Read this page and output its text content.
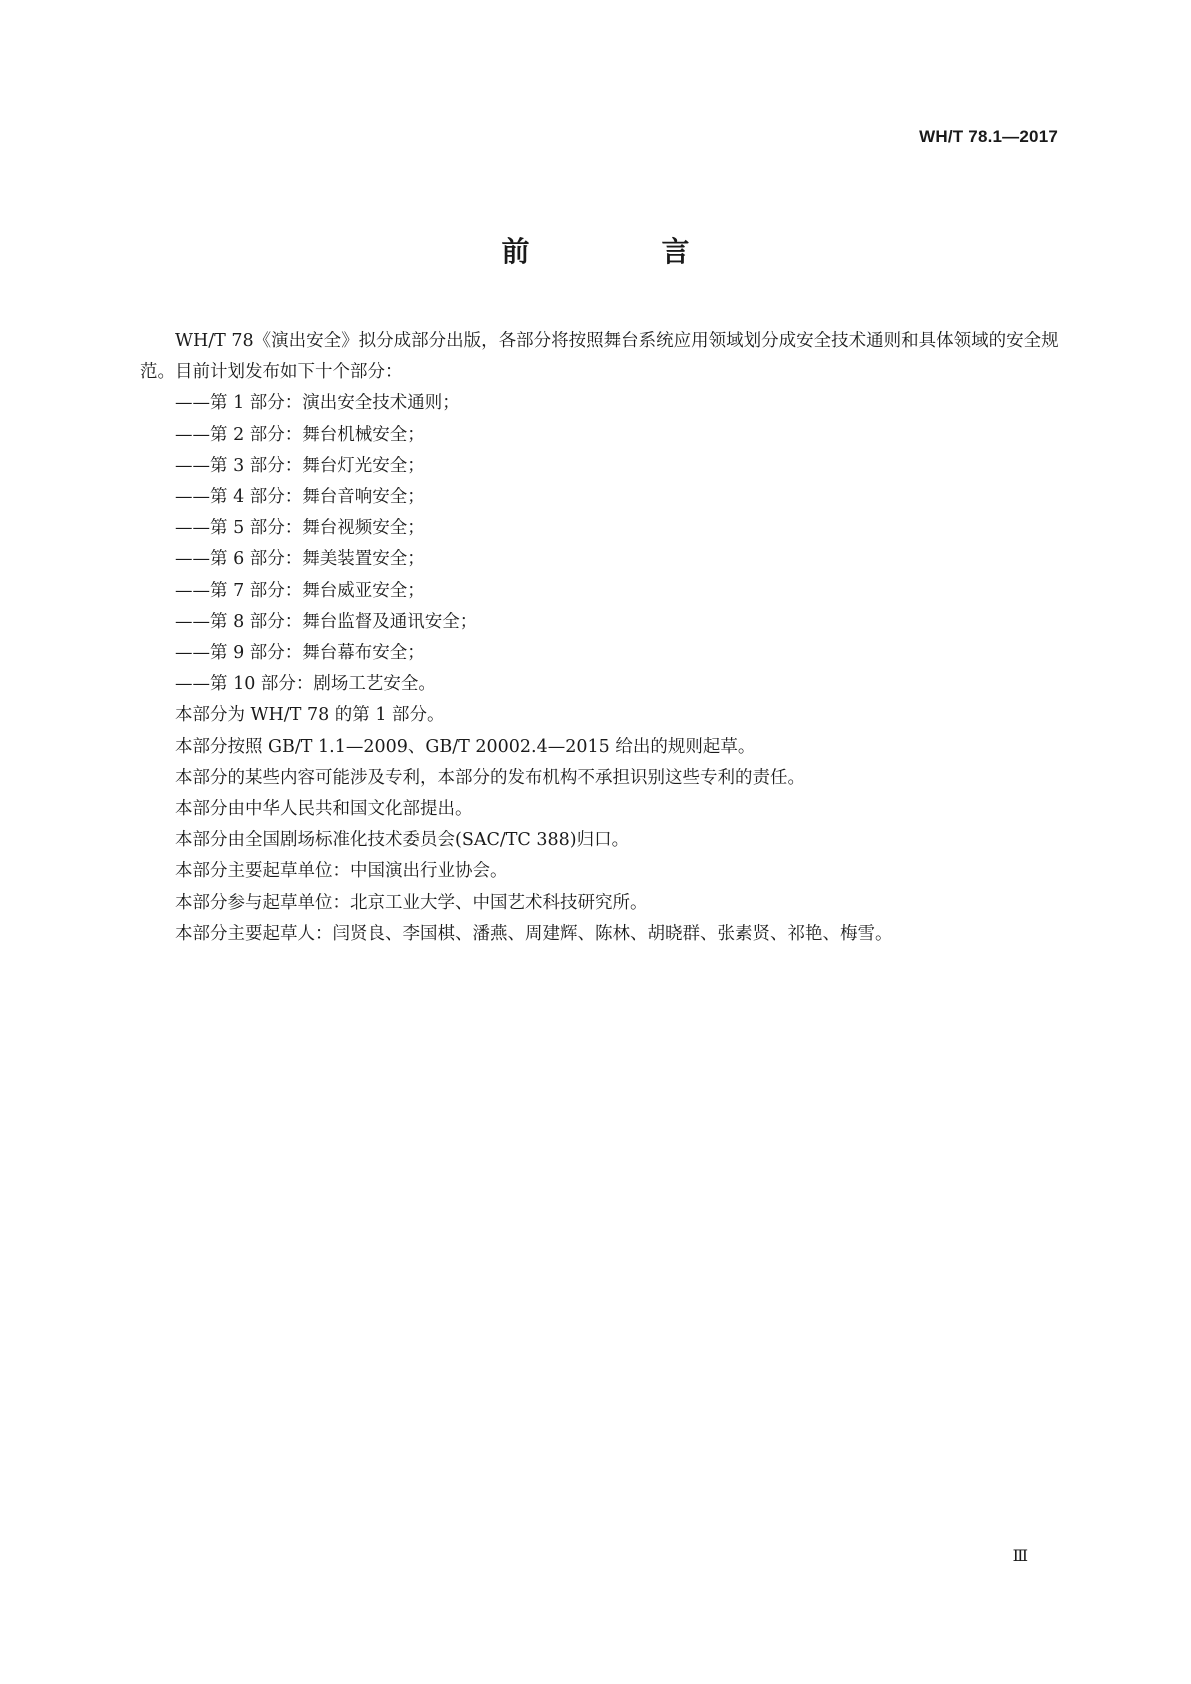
WH/T 78.1—2017
前　言

WH/T 78《演出安全》拟分成部分出版，各部分将按照舞台系统应用领域划分成安全技术通则和具体领域的安全规范。目前计划发布如下十个部分：

——第 1 部分：演出安全技术通则；

——第 2 部分：舞台机械安全；

——第 3 部分：舞台灯光安全；

——第 4 部分：舞台音响安全；

——第 5 部分：舞台视频安全；

——第 6 部分：舞美装置安全；

——第 7 部分：舞台威亚安全；

——第 8 部分：舞台监督及通讯安全；

——第 9 部分：舞台幕布安全；

——第 10 部分：剧场工艺安全。

本部分为 WH/T 78 的第 1 部分。

本部分按照 GB/T 1.1—2009、GB/T 20002.4—2015 给出的规则起草。

本部分的某些内容可能涉及专利，本部分的发布机构不承担识别这些专利的责任。

本部分由中华人民共和国文化部提出。

本部分由全国剧场标准化技术委员会(SAC/TC 388)归口。

本部分主要起草单位：中国演出行业协会。

本部分参与起草单位：北京工业大学、中国艺术科技研究所。

本部分主要起草人：闫贤良、李国棋、潘燕、周建辉、陈林、胡晓群、张素贤、祁艳、梅雪。

Ⅲ
